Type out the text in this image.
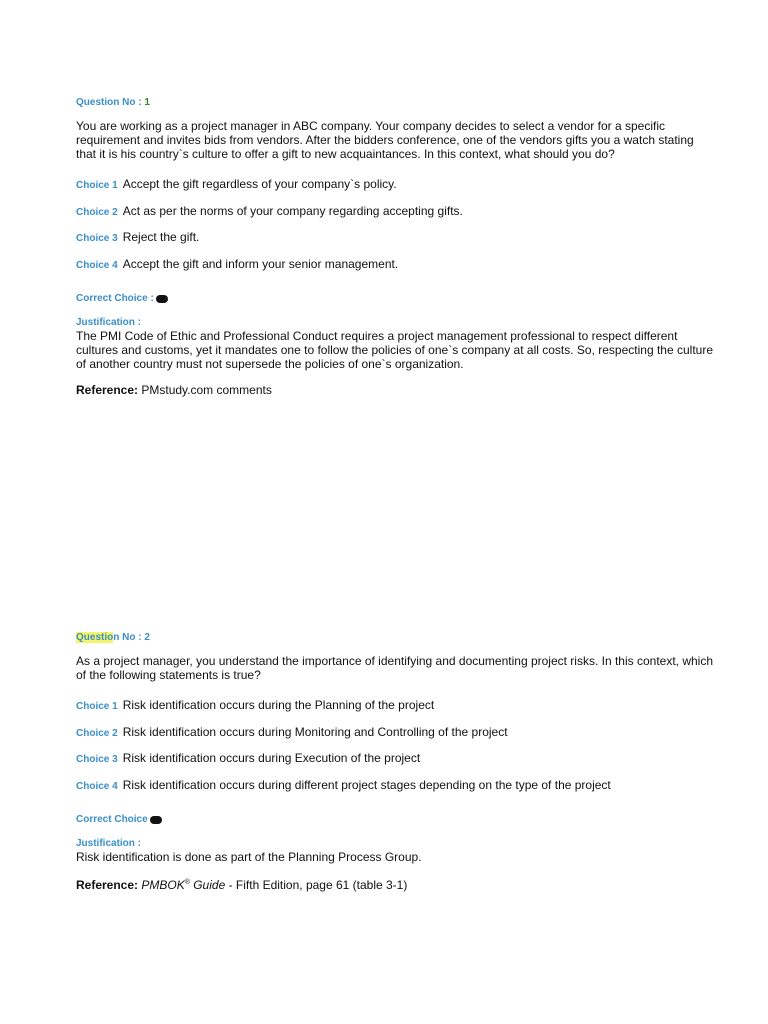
Question No : 1
You are working as a project manager in ABC company. Your company decides to select a vendor for a specific requirement and invites bids from vendors. After the bidders conference, one of the vendors gifts you a watch stating that it is his country`s culture to offer a gift to new acquaintances. In this context, what should you do?
Choice 1 Accept the gift regardless of your company`s policy.
Choice 2 Act as per the norms of your company regarding accepting gifts.
Choice 3 Reject the gift.
Choice 4 Accept the gift and inform your senior management.
Correct Choice :
Justification :
The PMI Code of Ethic and Professional Conduct requires a project management professional to respect different cultures and customs, yet it mandates one to follow the policies of one`s company at all costs. So, respecting the culture of another country must not supersede the policies of one`s organization.
Reference: PMstudy.com comments
Question No : 2
As a project manager, you understand the importance of identifying and documenting project risks. In this context, which of the following statements is true?
Choice 1 Risk identification occurs during the Planning of the project
Choice 2 Risk identification occurs during Monitoring and Controlling of the project
Choice 3 Risk identification occurs during Execution of the project
Choice 4 Risk identification occurs during different project stages depending on the type of the project
Correct Choice
Justification :
Risk identification is done as part of the Planning Process Group.
Reference: PMBOK® Guide - Fifth Edition, page 61 (table 3-1)
